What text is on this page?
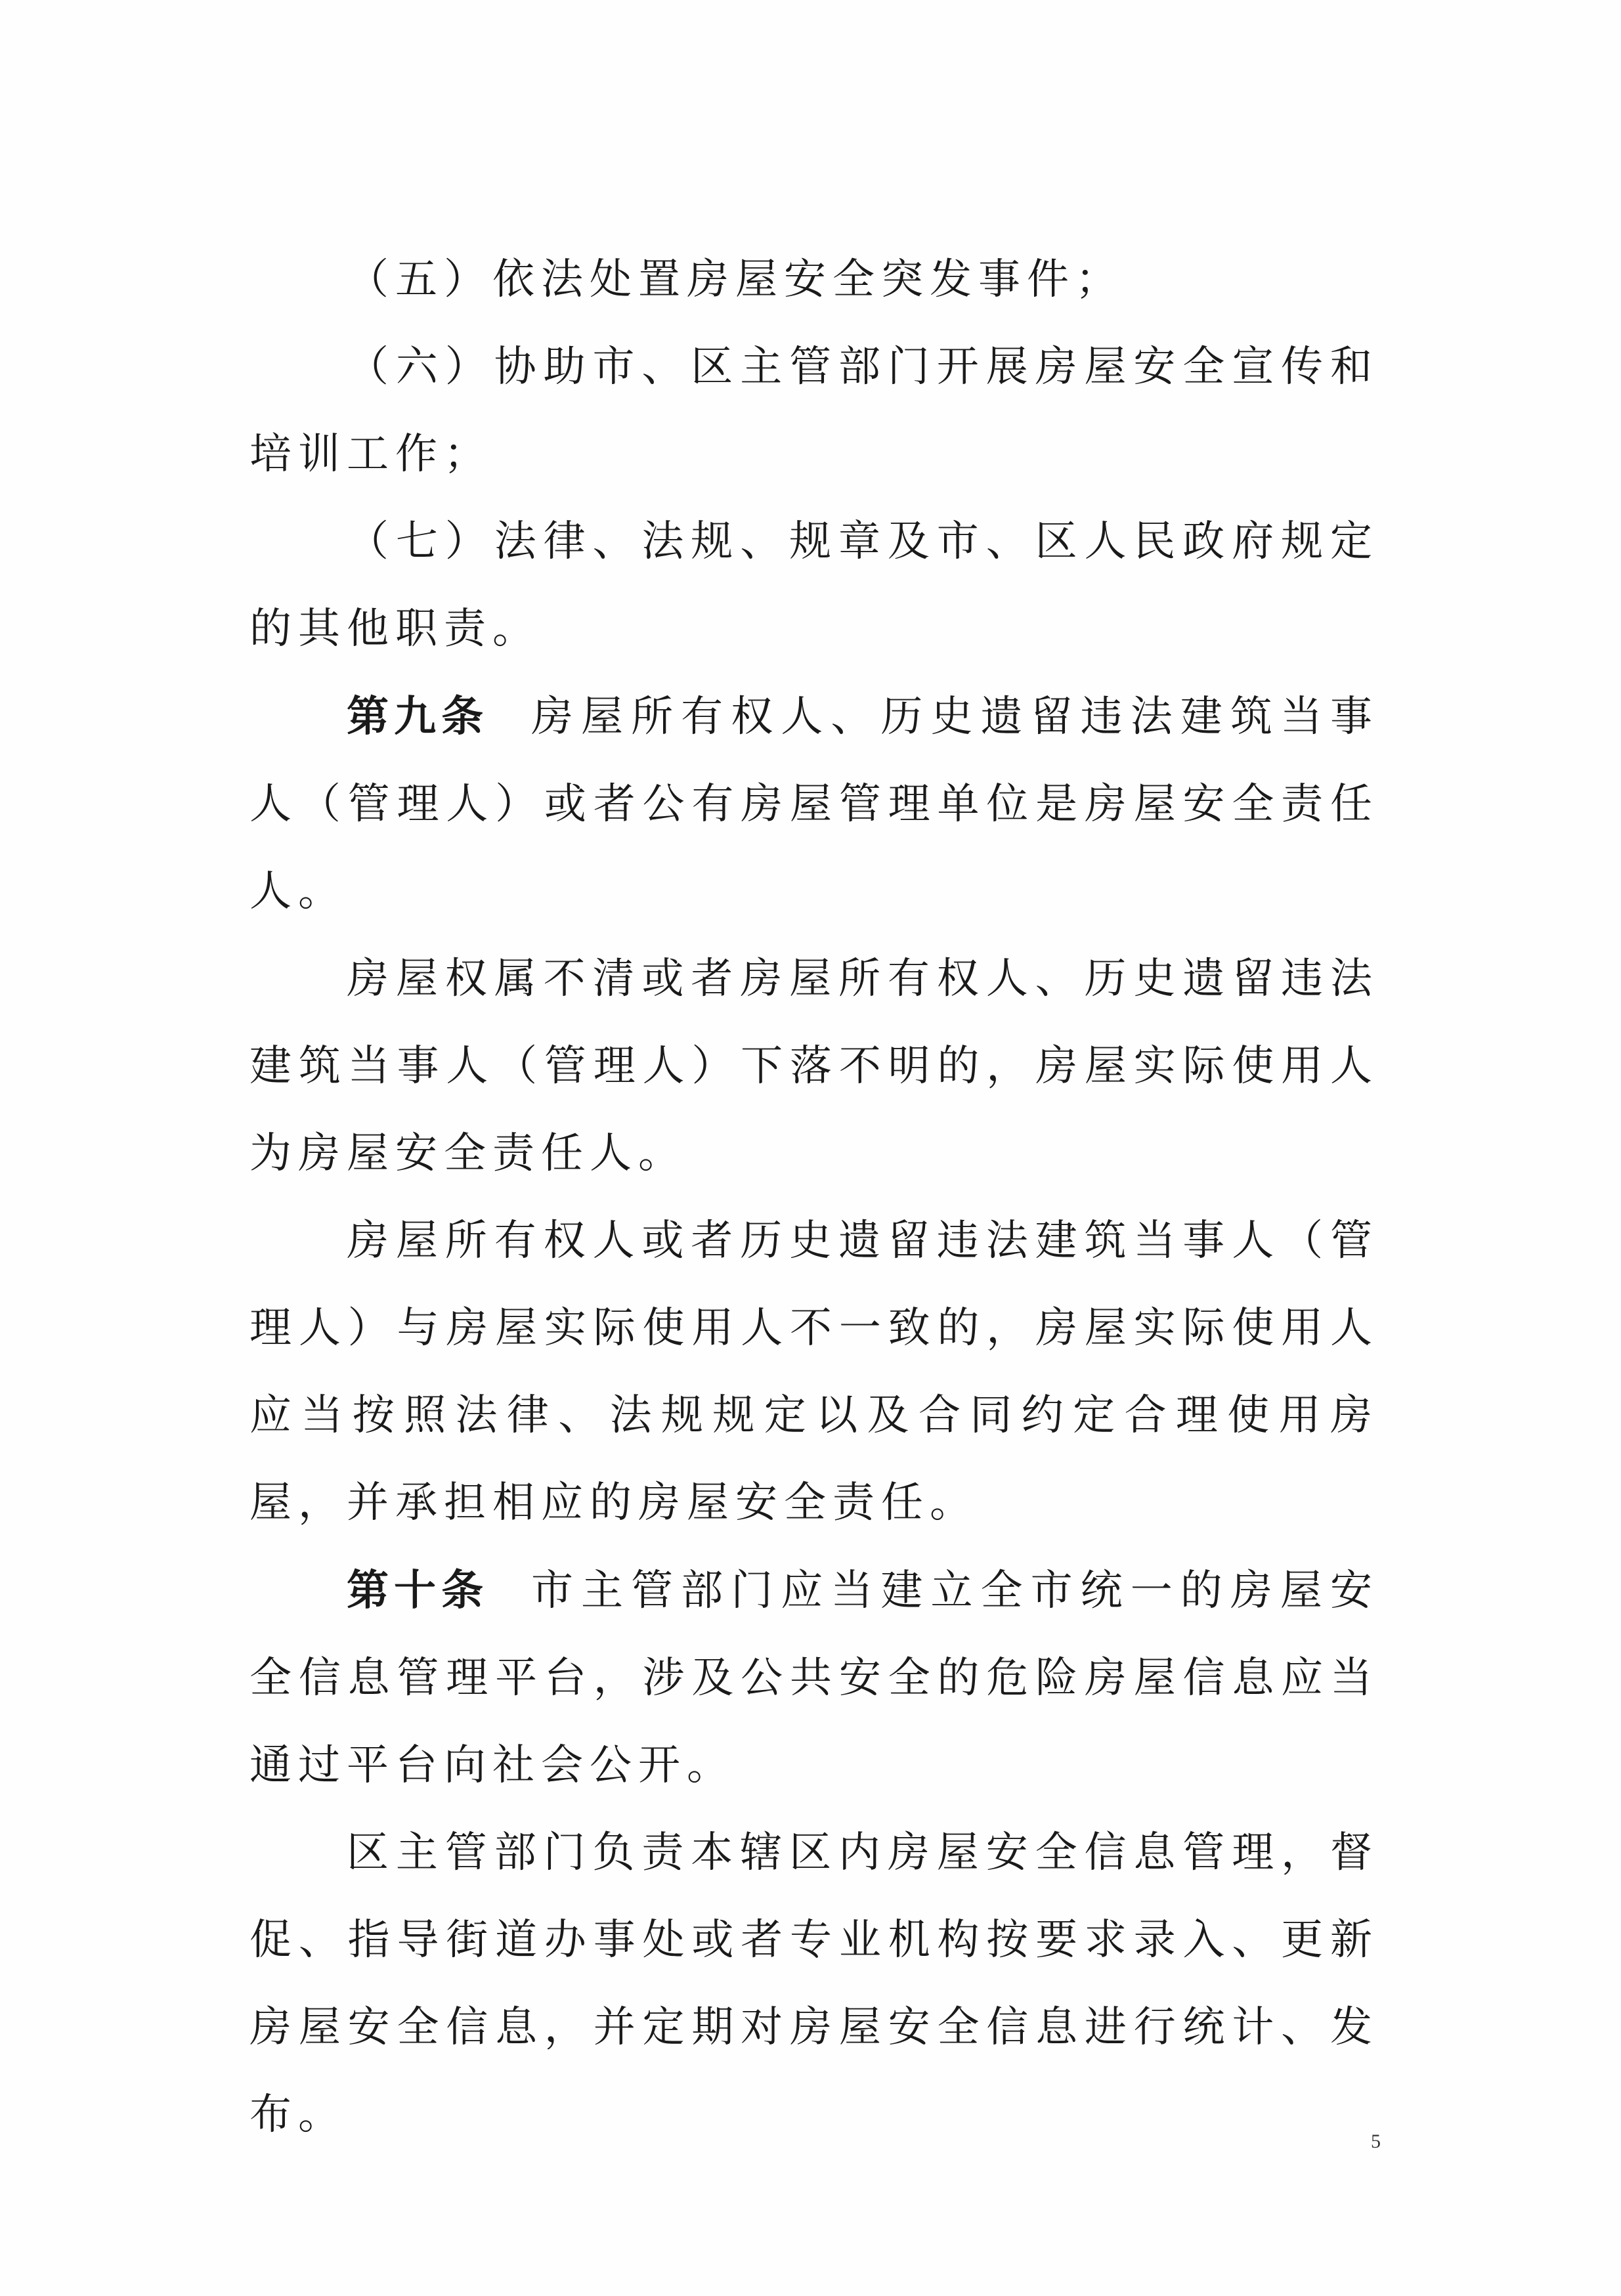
（五）依法处置房屋安全突发事件；

（六）协助市、区主管部门开展房屋安全宣传和培训工作；

（七）法律、法规、规章及市、区人民政府规定的其他职责。

第九条 房屋所有权人、历史遗留违法建筑当事人（管理人）或者公有房屋管理单位是房屋安全责任人。

房屋权属不清或者房屋所有权人、历史遗留违法建筑当事人（管理人）下落不明的，房屋实际使用人为房屋安全责任人。

房屋所有权人或者历史遗留违法建筑当事人（管理人）与房屋实际使用人不一致的，房屋实际使用人应当按照法律、法规规定以及合同约定合理使用房屋，并承担相应的房屋安全责任。

第十条 市主管部门应当建立全市统一的房屋安全信息管理平台，涉及公共安全的危险房屋信息应当通过平台向社会公开。

区主管部门负责本辖区内房屋安全信息管理，督促、指导街道办事处或者专业机构按要求录入、更新房屋安全信息，并定期对房屋安全信息进行统计、发布。

5
